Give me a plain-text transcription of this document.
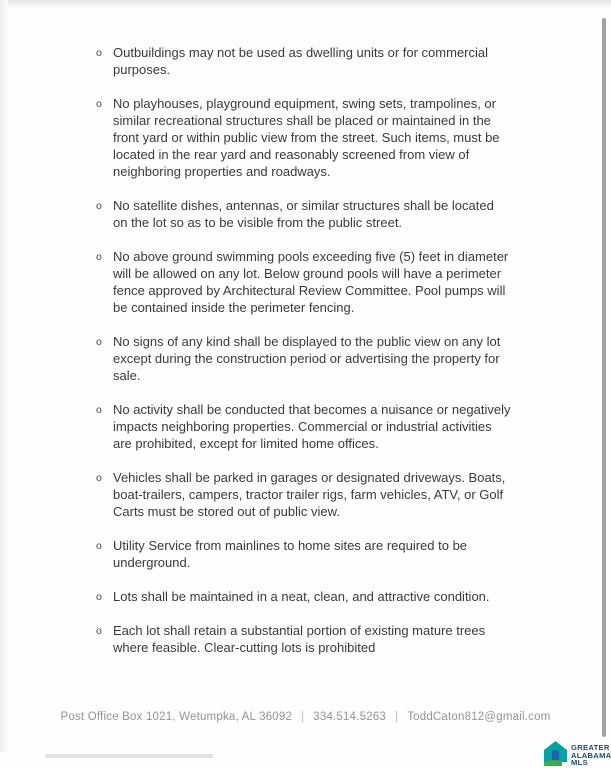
o Outbuildings may not be used as dwelling units or for commercial purposes.
o No playhouses, playground equipment, swing sets, trampolines, or similar recreational structures shall be placed or maintained in the front yard or within public view from the street. Such items, must be located in the rear yard and reasonably screened from view of neighboring properties and roadways.
o No satellite dishes, antennas, or similar structures shall be located on the lot so as to be visible from the public street.
o No above ground swimming pools exceeding five (5) feet in diameter will be allowed on any lot. Below ground pools will have a perimeter fence approved by Architectural Review Committee. Pool pumps will be contained inside the perimeter fencing.
o No signs of any kind shall be displayed to the public view on any lot except during the construction period or advertising the property for sale.
o No activity shall be conducted that becomes a nuisance or negatively impacts neighboring properties. Commercial or industrial activities are prohibited, except for limited home offices.
o Vehicles shall be parked in garages or designated driveways. Boats, boat-trailers, campers, tractor trailer rigs, farm vehicles, ATV, or Golf Carts must be stored out of public view.
o Utility Service from mainlines to home sites are required to be underground.
o Lots shall be maintained in a neat, clean, and attractive condition.
o Each lot shall retain a substantial portion of existing mature trees where feasible. Clear-cutting lots is prohibited
Post Office Box 1021, Wetumpka, AL 36092 | 334.514.5263 | ToddCaton812@gmail.com
GREATER
ALABAMA
MLS
